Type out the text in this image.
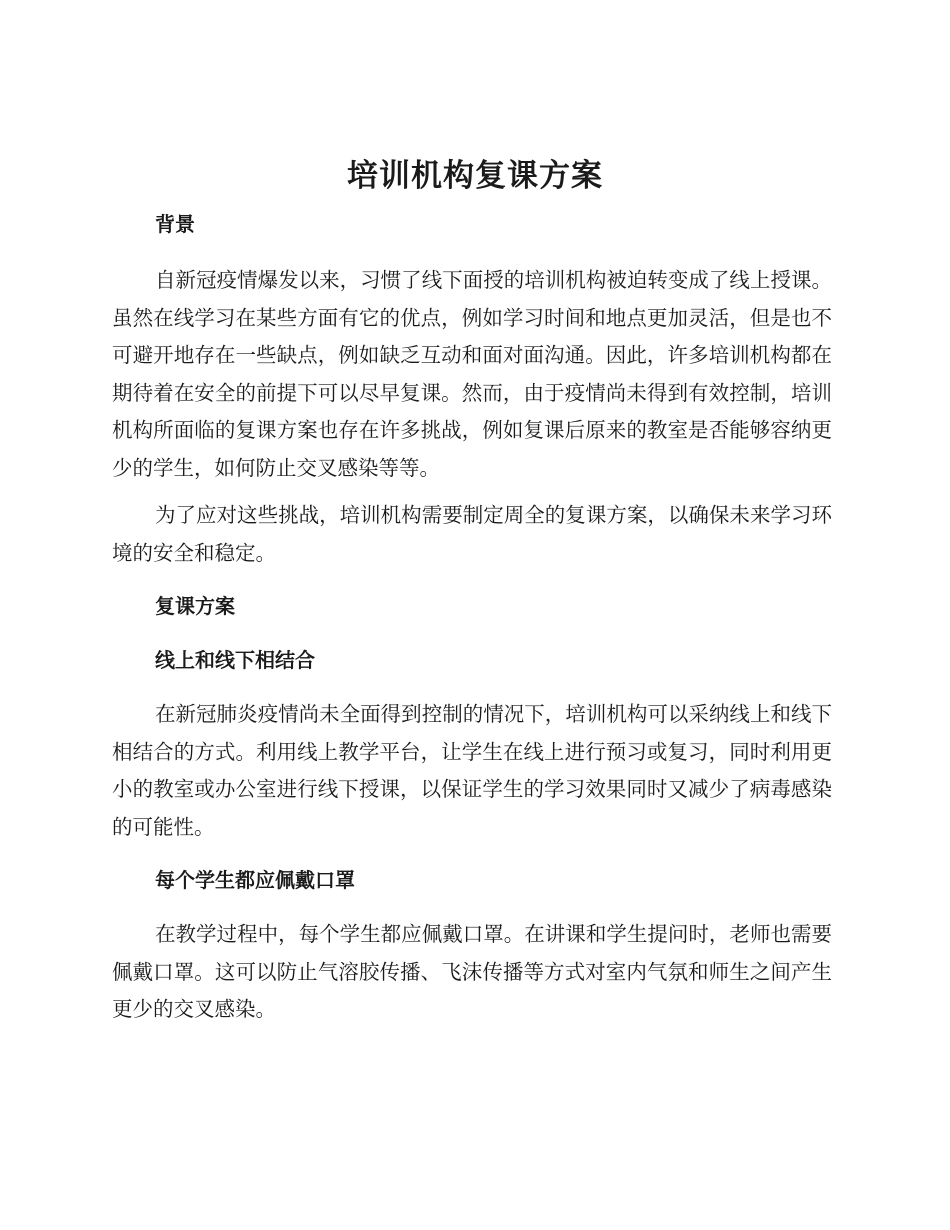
培训机构复课方案
背景

自新冠疫情爆发以来，习惯了线下面授的培训机构被迫转变成了线上授课。虽然在线学习在某些方面有它的优点，例如学习时间和地点更加灵活，但是也不可避开地存在一些缺点，例如缺乏互动和面对面沟通。因此，许多培训机构都在期待着在安全的前提下可以尽早复课。然而，由于疫情尚未得到有效控制，培训机构所面临的复课方案也存在许多挑战，例如复课后原来的教室是否能够容纳更少的学生，如何防止交叉感染等等。

为了应对这些挑战，培训机构需要制定周全的复课方案，以确保未来学习环境的安全和稳定。

复课方案
线上和线下相结合

在新冠肺炎疫情尚未全面得到控制的情况下，培训机构可以采纳线上和线下相结合的方式。利用线上教学平台，让学生在线上进行预习或复习，同时利用更小的教室或办公室进行线下授课，以保证学生的学习效果同时又减少了病毒感染的可能性。

每个学生都应佩戴口罩

在教学过程中，每个学生都应佩戴口罩。在讲课和学生提问时，老师也需要佩戴口罩。这可以防止气溶胶传播、飞沫传播等方式对室内气氛和师生之间产生更少的交叉感染。
